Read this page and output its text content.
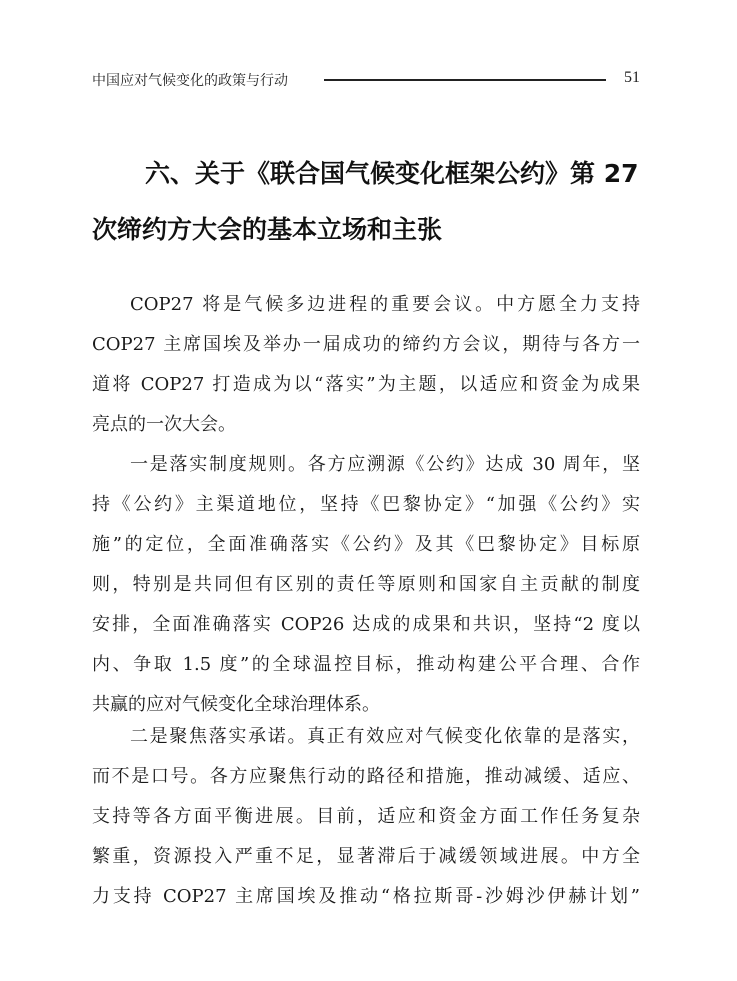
中国应对气候变化的政策与行动	51
六、关于《联合国气候变化框架公约》第 27
次缔约方大会的基本立场和主张
COP27 将是气候多边进程的重要会议。中方愿全力支持
COP27 主席国埃及举办一届成功的缔约方会议，期待与各方一
道将 COP27 打造成为以“落实”为主题，以适应和资金为成果
亮点的一次大会。
一是落实制度规则。各方应溯源《公约》达成 30 周年，坚
持《公约》主渠道地位，坚持《巴黎协定》“加强《公约》实
施”的定位，全面准确落实《公约》及其《巴黎协定》目标原
则，特别是共同但有区别的责任等原则和国家自主贡献的制度
安排，全面准确落实 COP26 达成的成果和共识，坚持“2 度以
内、争取 1.5 度”的全球温控目标，推动构建公平合理、合作
共赢的应对气候变化全球治理体系。
二是聚焦落实承诺。真正有效应对气候变化依靠的是落实，
而不是口号。各方应聚焦行动的路径和措施，推动减缓、适应、
支持等各方面平衡进展。目前，适应和资金方面工作任务复杂
繁重，资源投入严重不足，显著滞后于减缓领域进展。中方全
力支持 COP27 主席国埃及推动“格拉斯哥-沙姆沙伊赫计划”
